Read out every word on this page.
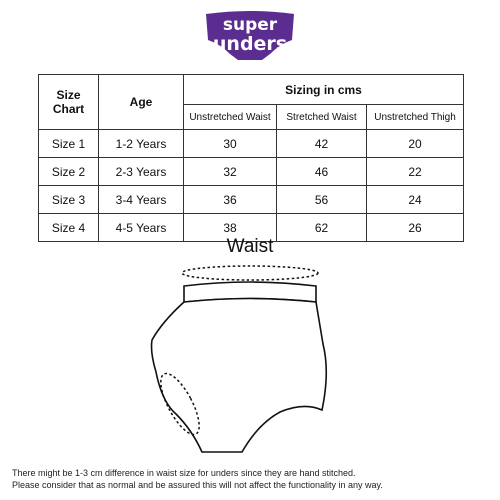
super
unders
TM
Size Chart	Age	Sizing in cms		
		Unstretched Waist	Stretched Waist	Unstretched Thigh
Size 1	1-2 Years	30	42	20
Size 2	2-3 Years	32	46	22
Size 3	3-4 Years	36	56	24
Size 4	4-5 Years	38	62	26
Waist
There might be 1-3 cm difference in waist size for unders since they are hand stitched.
Please consider that as normal and be assured this will not affect the functionality in any way.
